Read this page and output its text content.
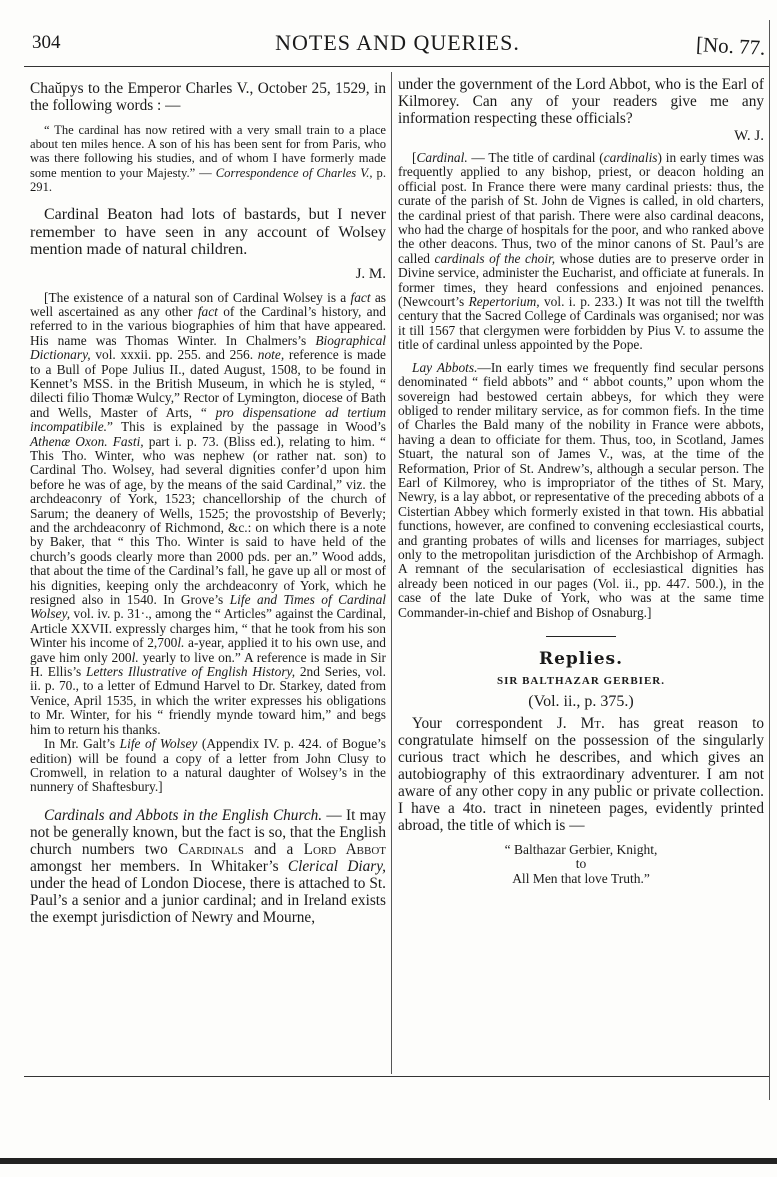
304	NOTES AND QUERIES.	[No. 77.

Chaŭpys to the Emperor Charles V., October 25, 1529, in the following words : —

“ The cardinal has now retired with a very small train to a place about ten miles hence. A son of his has been sent for from Paris, who was there following his studies, and of whom I have formerly made some mention to your Majesty.” — Correspondence of Charles V., p. 291.

Cardinal Beaton had lots of bastards, but I never remember to have seen in any account of Wolsey mention made of natural children.

J. M.

[The existence of a natural son of Cardinal Wolsey is a fact as well ascertained as any other fact of the Cardinal’s history, and referred to in the various biographies of him that have appeared. His name was Thomas Winter. In Chalmers’s Biographical Dictionary, vol. xxxii. pp. 255. and 256. note, reference is made to a Bull of Pope Julius II., dated August, 1508, to be found in Kennet’s MSS. in the British Museum, in which he is styled, “ dilecti filio Thomæ Wulcy,” Rector of Lymington, diocese of Bath and Wells, Master of Arts, “ pro dispensatione ad tertium incompatibile.” This is explained by the passage in Wood’s Athenæ Oxon. Fasti, part i. p. 73. (Bliss ed.), relating to him. “ This Tho. Winter, who was nephew (or rather nat. son) to Cardinal Tho. Wolsey, had several dignities confer’d upon him before he was of age, by the means of the said Cardinal,” viz. the archdeaconry of York, 1523; chancellorship of the church of Sarum; the deanery of Wells, 1525; the provostship of Beverly; and the archdeaconry of Richmond, &c.: on which there is a note by Baker, that “ this Tho. Winter is said to have held of the church’s goods clearly more than 2000 pds. per an.” Wood adds, that about the time of the Cardinal’s fall, he gave up all or most of his dignities, keeping only the archdeaconry of York, which he resigned also in 1540. In Grove’s Life and Times of Cardinal Wolsey, vol. iv. p. 31·., among the “ Articles” against the Cardinal, Article XXVII. expressly charges him, “ that he took from his son Winter his income of 2,700l. a-year, applied it to his own use, and gave him only 200l. yearly to live on.” A reference is made in Sir H. Ellis’s Letters Illustrative of English History, 2nd Series, vol. ii. p. 70., to a letter of Edmund Harvel to Dr. Starkey, dated from Venice, April 1535, in which the writer expresses his obligations to Mr. Winter, for his “ friendly mynde toward him,” and begs him to return his thanks.

In Mr. Galt’s Life of Wolsey (Appendix IV. p. 424. of Bogue’s edition) will be found a copy of a letter from John Clusy to Cromwell, in relation to a natural daughter of Wolsey’s in the nunnery of Shaftesbury.]

Cardinals and Abbots in the English Church. — It may not be generally known, but the fact is so, that the English church numbers two Cardinals and a Lord Abbot amongst her members. In Whitaker’s Clerical Diary, under the head of London Diocese, there is attached to St. Paul’s a senior and a junior cardinal; and in Ireland exists the exempt jurisdiction of Newry and Mourne,

under the government of the Lord Abbot, who is the Earl of Kilmorey. Can any of your readers give me any information respecting these officials?

W. J.

[Cardinal. — The title of cardinal (cardinalis) in early times was frequently applied to any bishop, priest, or deacon holding an official post. In France there were many cardinal priests: thus, the curate of the parish of St. John de Vignes is called, in old charters, the cardinal priest of that parish. There were also cardinal deacons, who had the charge of hospitals for the poor, and who ranked above the other deacons. Thus, two of the minor canons of St. Paul’s are called cardinals of the choir, whose duties are to preserve order in Divine service, administer the Eucharist, and officiate at funerals. In former times, they heard confessions and enjoined penances. (Newcourt’s Repertorium, vol. i. p. 233.) It was not till the twelfth century that the Sacred College of Cardinals was organised; nor was it till 1567 that clergymen were forbidden by Pius V. to assume the title of cardinal unless appointed by the Pope.

Lay Abbots.—In early times we frequently find secular persons denominated “ field abbots” and “ abbot counts,” upon whom the sovereign had bestowed certain abbeys, for which they were obliged to render military service, as for common fiefs. In the time of Charles the Bald many of the nobility in France were abbots, having a dean to officiate for them. Thus, too, in Scotland, James Stuart, the natural son of James V., was, at the time of the Reformation, Prior of St. Andrew’s, although a secular person. The Earl of Kilmorey, who is impropriator of the tithes of St. Mary, Newry, is a lay abbot, or representative of the preceding abbots of a Cistertian Abbey which formerly existed in that town. His abbatial functions, however, are confined to convening ecclesiastical courts, and granting probates of wills and licenses for marriages, subject only to the metropolitan jurisdiction of the Archbishop of Armagh. A remnant of the secularisation of ecclesiastical dignities has already been noticed in our pages (Vol. ii., pp. 447. 500.), in the case of the late Duke of York, who was at the same time Commander-in-chief and Bishop of Osnaburg.]

Replies.

SIR BALTHAZAR GERBIER.

(Vol. ii., p. 375.)

Your correspondent J. Mt. has great reason to congratulate himself on the possession of the singularly curious tract which he describes, and which gives an autobiography of this extraordinary adventurer. I am not aware of any other copy in any public or private collection. I have a 4to. tract in nineteen pages, evidently printed abroad, the title of which is —

“ Balthazar Gerbier, Knight,

to

All Men that love Truth.”
